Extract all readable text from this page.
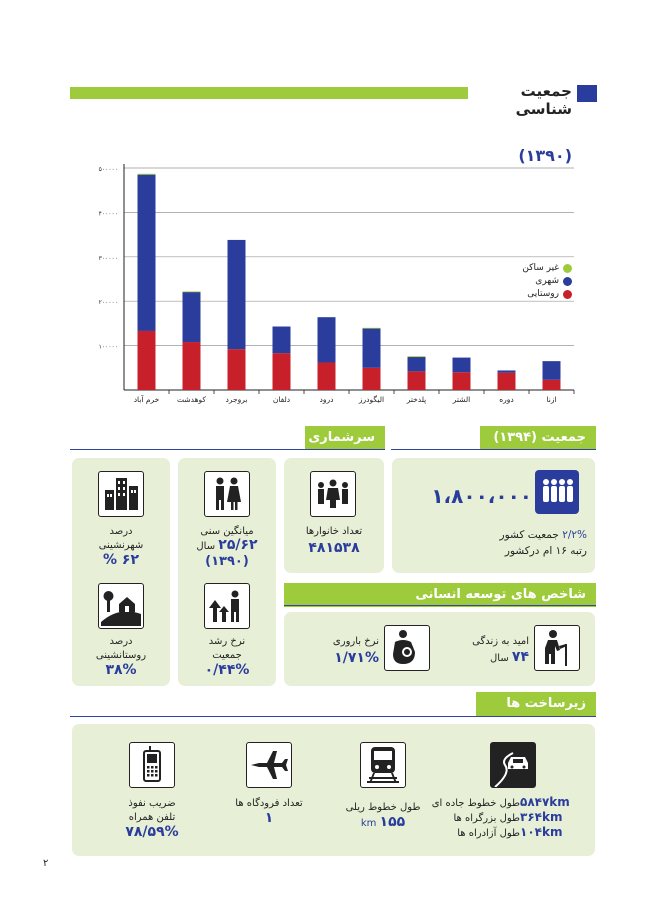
جمعیت شناسی
(۱۳۹۰)
۵۰۰۰۰۰
۴۰۰۰۰۰
۳۰۰۰۰۰
۲۰۰۰۰۰
۱۰۰۰۰۰
خرم آباد کوهدشت	بروجرد	دلفان	درود	الیگودرز	پلدختر	الشتر	دوره	ازنا
غیر ساکن
شهری
روستایی
جمعیت (۱۳۹۴)
۱،۸۰۰،۰۰۰
۲/۲% جمعیت کشور
رتبه ۱۶ ام درکشور
سرشماری
تعداد خانوارها
۴۸۱۵۳۸
میانگین سنی
۲۵/۶۲ سال
(۱۳۹۰)
نرخ رشد
جمعیت
۰/۴۴%
درصد
شهرنشینی
۶۲ %
درصد
روستانشینی
۳۸%
شاخص های توسعه انسانی
امید به زندگی
۷۴ سال
نرخ باروری
۱/۷۱%
زیرساخت ها
طول خطوط جاده ای ۵۸۴۷km
طول بزرگراه ها ۳۶۴km
طول آزادراه ها ۱۰۴km
طول خطوط ریلی
۱۵۵ km
تعداد فرودگاه ها
۱
ضریب نفوذ
تلفن همراه
۷۸/۵۹%
۲
